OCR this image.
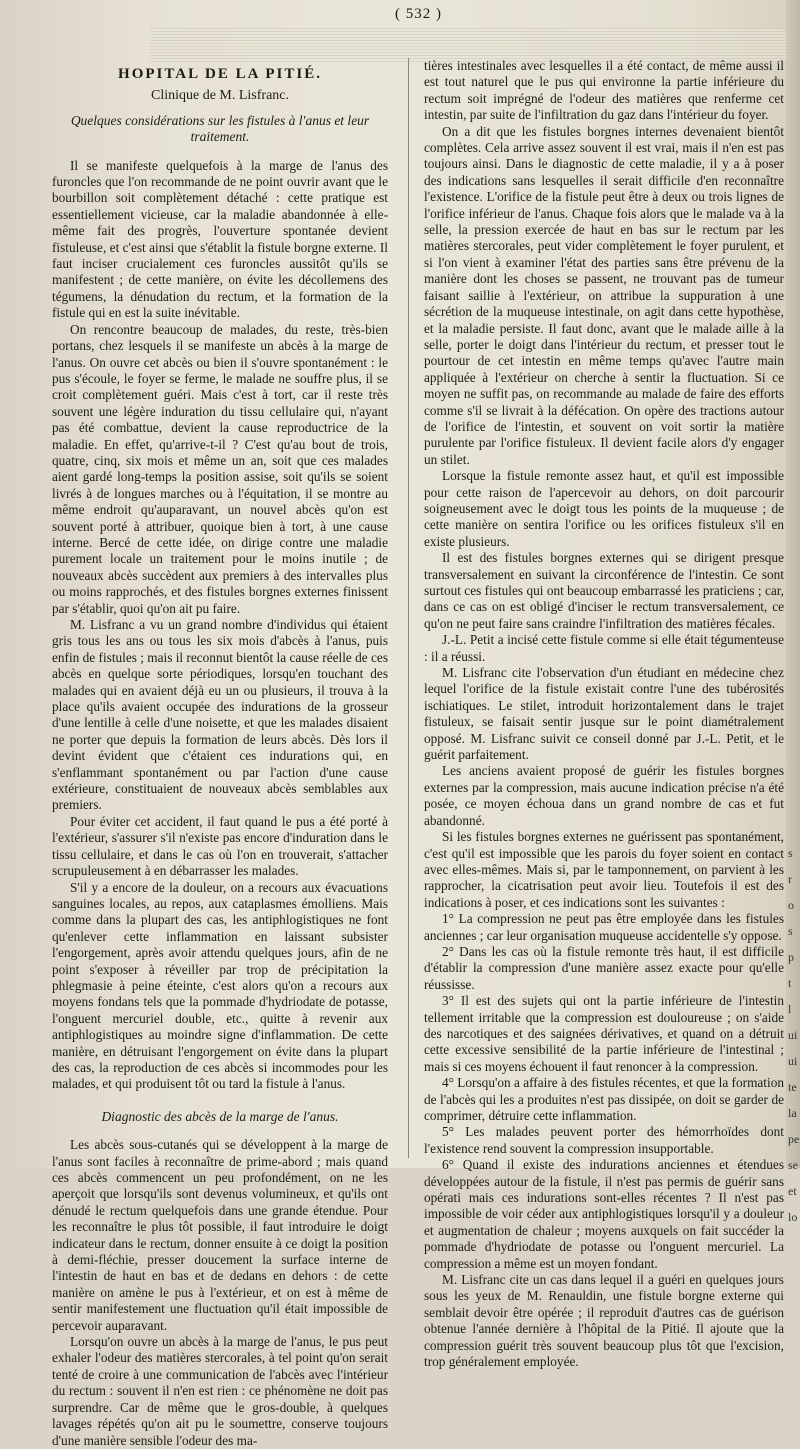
( 532 )
HOPITAL DE LA PITIÉ.
Clinique de M. Lisfranc.
Quelques considérations sur les fistules à l'anus et leur traitement.

Il se manifeste quelquefois à la marge de l'anus des furoncles que l'on recommande de ne point ouvrir avant que le bourbillon soit complètement détaché : cette pratique est essentiellement vicieuse, car la maladie abandonnée à elle-même fait des progrès, l'ouverture spontanée devient fistuleuse, et c'est ainsi que s'établit la fistule borgne externe. Il faut inciser crucialement ces furoncles aussitôt qu'ils se manifestent ; de cette manière, on évite les décollemens des tégumens, la dénudation du rectum, et la formation de la fistule qui en est la suite inévitable.

On rencontre beaucoup de malades, du reste, très-bien portans, chez lesquels il se manifeste un abcès à la marge de l'anus. On ouvre cet abcès ou bien il s'ouvre spontanément : le pus s'écoule, le foyer se ferme, le malade ne souffre plus, il se croit complètement guéri. Mais c'est à tort, car il reste très souvent une légère induration du tissu cellulaire qui, n'ayant pas été combattue, devient la cause reproductrice de la maladie. En effet, qu'arrive-t-il ? C'est qu'au bout de trois, quatre, cinq, six mois et même un an, soit que ces malades aient gardé long-temps la position assise, soit qu'ils se soient livrés à de longues marches ou à l'équitation, il se montre au même endroit qu'auparavant, un nouvel abcès qu'on est souvent porté à attribuer, quoique bien à tort, à une cause interne. Bercé de cette idée, on dirige contre une maladie purement locale un traitement pour le moins inutile ; de nouveaux abcès succèdent aux premiers à des intervalles plus ou moins rapprochés, et des fistules borgnes externes finissent par s'établir, quoi qu'on ait pu faire.

M. Lisfranc a vu un grand nombre d'individus qui étaient gris tous les ans ou tous les six mois d'abcès à l'anus, puis enfin de fistules ; mais il reconnut bientôt la cause réelle de ces abcès en quelque sorte périodiques, lorsqu'en touchant des malades qui en avaient déjà eu un ou plusieurs, il trouva à la place qu'ils avaient occupée des indurations de la grosseur d'une lentille à celle d'une noisette, et que les malades disaient ne porter que depuis la formation de leurs abcès. Dès lors il devint évident que c'étaient ces indurations qui, en s'enflammant spontanément ou par l'action d'une cause extérieure, constituaient de nouveaux abcès semblables aux premiers.

Pour éviter cet accident, il faut quand le pus a été porté à l'extérieur, s'assurer s'il n'existe pas encore d'induration dans le tissu cellulaire, et dans le cas où l'on en trouverait, s'attacher scrupuleusement à en débarrasser les malades.

S'il y a encore de la douleur, on a recours aux évacuations sanguines locales, au repos, aux cataplasmes émolliens. Mais comme dans la plupart des cas, les antiphlogistiques ne font qu'enlever cette inflammation en laissant subsister l'engorgement, après avoir attendu quelques jours, afin de ne point s'exposer à réveiller par trop de précipitation la phlegmasie à peine éteinte, c'est alors qu'on a recours aux moyens fondans tels que la pommade d'hydriodate de potasse, l'onguent mercuriel double, etc., quitte à revenir aux antiphlogistiques au moindre signe d'inflammation. De cette manière, en détruisant l'engorgement on évite dans la plupart des cas, la reproduction de ces abcès si incommodes pour les malades, et qui produisent tôt ou tard la fistule à l'anus.

Diagnostic des abcès de la marge de l'anus.

Les abcès sous-cutanés qui se développent à la marge de l'anus sont faciles à reconnaître de prime-abord ; mais quand ces abcès commencent un peu profondément, on ne les aperçoit que lorsqu'ils sont devenus volumineux, et qu'ils ont dénudé le rectum quelquefois dans une grande étendue. Pour les reconnaître le plus tôt possible, il faut introduire le doigt indicateur dans le rectum, donner ensuite à ce doigt la position à demi-fléchie, presser doucement la surface interne de l'intestin de haut en bas et de dedans en dehors : de cette manière on amène le pus à l'extérieur, et on est à même de sentir manifestement une fluctuation qu'il était impossible de percevoir auparavant.

Lorsqu'on ouvre un abcès à la marge de l'anus, le pus peut exhaler l'odeur des matières stercorales, à tel point qu'on serait tenté de croire à une communication de l'abcès avec l'intérieur du rectum : souvent il n'en est rien : ce phénomène ne doit pas surprendre. Car de même que le gros-double, à quelques lavages répétés qu'on ait pu le soumettre, conserve toujours d'une manière sensible l'odeur des ma-

tières intestinales avec lesquelles il a été contact, de même aussi il est tout naturel que le pus qui environne la partie inférieure du rectum soit imprégné de l'odeur des matières que renferme cet intestin, par suite de l'infiltration du gaz dans l'intérieur du foyer.

On a dit que les fistules borgnes internes devenaient bientôt complètes. Cela arrive assez souvent il est vrai, mais il n'en est pas toujours ainsi. Dans le diagnostic de cette maladie, il y a à poser des indications sans lesquelles il serait difficile d'en reconnaître l'existence. L'orifice de la fistule peut être à deux ou trois lignes de l'orifice inférieur de l'anus. Chaque fois alors que le malade va à la selle, la pression exercée de haut en bas sur le rectum par les matières stercorales, peut vider complètement le foyer purulent, et si l'on vient à examiner l'état des parties sans être prévenu de la manière dont les choses se passent, ne trouvant pas de tumeur faisant saillie à l'extérieur, on attribue la suppuration à une sécrétion de la muqueuse intestinale, on agit dans cette hypothèse, et la maladie persiste. Il faut donc, avant que le malade aille à la selle, porter le doigt dans l'intérieur du rectum, et presser tout le pourtour de cet intestin en même temps qu'avec l'autre main appliquée à l'extérieur on cherche à sentir la fluctuation. Si ce moyen ne suffit pas, on recommande au malade de faire des efforts comme s'il se livrait à la défécation. On opère des tractions autour de l'orifice de l'intestin, et souvent on voit sortir la matière purulente par l'orifice fistuleux. Il devient facile alors d'y engager un stilet.

Lorsque la fistule remonte assez haut, et qu'il est impossible pour cette raison de l'apercevoir au dehors, on doit parcourir soigneusement avec le doigt tous les points de la muqueuse ; de cette manière on sentira l'orifice ou les orifices fistuleux s'il en existe plusieurs.

Il est des fistules borgnes externes qui se dirigent presque transversalement en suivant la circonférence de l'intestin. Ce sont surtout ces fistules qui ont beaucoup embarrassé les praticiens ; car, dans ce cas on est obligé d'inciser le rectum transversalement, ce qu'on ne peut faire sans craindre l'infiltration des matières fécales.

J.-L. Petit a incisé cette fistule comme si elle était tégumenteuse : il a réussi.

M. Lisfranc cite l'observation d'un étudiant en médecine chez lequel l'orifice de la fistule existait contre l'une des tubérosités ischiatiques. Le stilet, introduit horizontalement dans le trajet fistuleux, se faisait sentir jusque sur le point diamétralement opposé. M. Lisfranc suivit ce conseil donné par J.-L. Petit, et le guérit parfaitement.

Les anciens avaient proposé de guérir les fistules borgnes externes par la compression, mais aucune indication précise n'a été posée, ce moyen échoua dans un grand nombre de cas et fut abandonné.

Si les fistules borgnes externes ne guérissent pas spontanément, c'est qu'il est impossible que les parois du foyer soient en contact avec elles-mêmes. Mais si, par le tamponnement, on parvient à les rapprocher, la cicatrisation peut avoir lieu. Toutefois il est des indications à poser, et ces indications sont les suivantes :

1° La compression ne peut pas être employée dans les fistules anciennes ; car leur organisation muqueuse accidentelle s'y oppose.

2° Dans les cas où la fistule remonte très haut, il est difficile d'établir la compression d'une manière assez exacte pour qu'elle réussisse.

3° Il est des sujets qui ont la partie inférieure de l'intestin tellement irritable que la compression est douloureuse ; on s'aide des narcotiques et des saignées dérivatives, et quand on a détruit cette excessive sensibilité de la partie inférieure de l'intestinal ; mais si ces moyens échouent il faut renoncer à la compression.

4° Lorsqu'on a affaire à des fistules récentes, et que la formation de l'abcès qui les a produites n'est pas dissipée, on doit se garder de comprimer, détruire cette inflammation.

5° Les malades peuvent porter des hémorrhoïdes dont l'existence rend souvent la compression insupportable.

6° Quand il existe des indurations anciennes et étendues développées autour de la fistule, il n'est pas permis de guérir sans opérati mais ces indurations sont-elles récentes ? Il n'est pas impossible de voir céder aux antiphlogistiques lorsqu'il y a douleur et augmentation de chaleur ; moyens auxquels on fait succéder la pommade d'hydriodate de potasse ou l'onguent mercuriel. La compression a même est un moyen fondant.

M. Lisfranc cite un cas dans lequel il a guéri en quelques jours sous les yeux de M. Renauldin, une fistule borgne externe qui semblait devoir être opérée ; il reproduit d'autres cas de guérison obtenue l'année dernière à l'hôpital de la Pitié. Il ajoute que la compression guérit très souvent beaucoup plus tôt que l'excision, trop généralement employée.

s
r
o
s
p
t
l
ui
ui
te
la
pe
se
et
lo
